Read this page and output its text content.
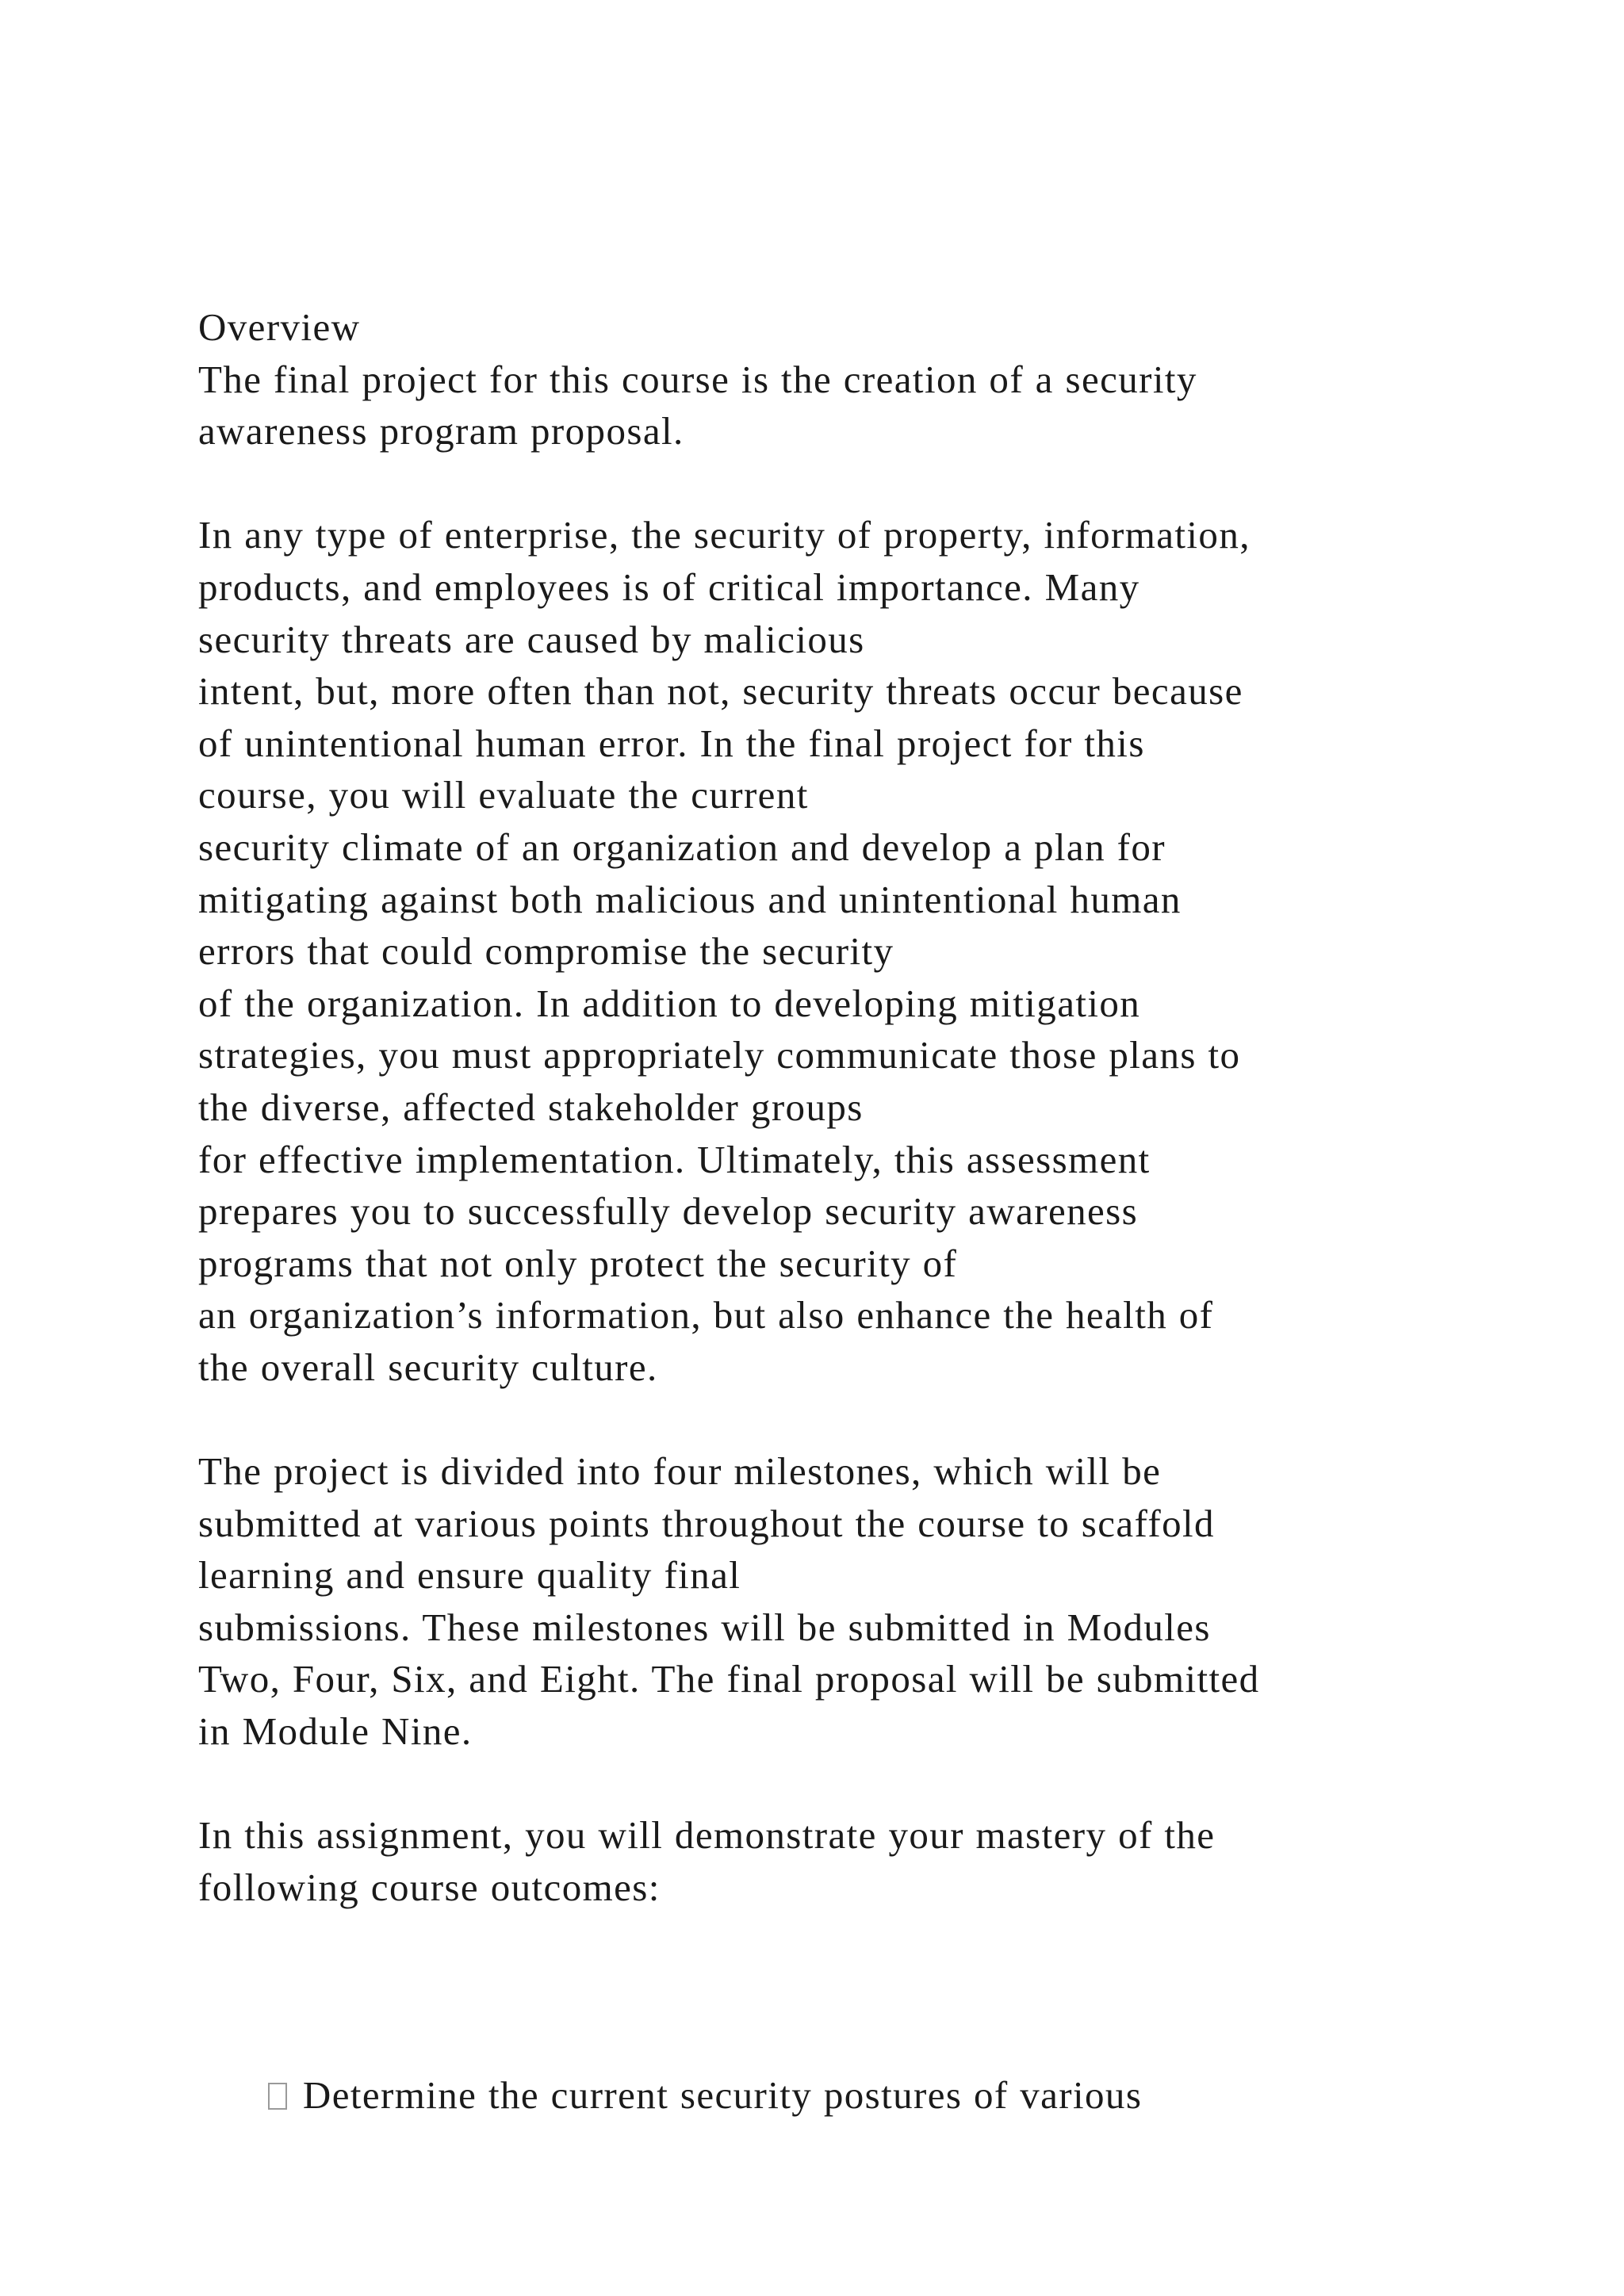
Overview
The final project for this course is the creation of a security
awareness program proposal.
In any type of enterprise, the security of property, information,
products, and employees is of critical importance. Many
security threats are caused by malicious
intent, but, more often than not, security threats occur because
of unintentional human error. In the final project for this
course, you will evaluate the current
security climate of an organization and develop a plan for
mitigating against both malicious and unintentional human
errors that could compromise the security
of the organization. In addition to developing mitigation
strategies, you must appropriately communicate those plans to
the diverse, affected stakeholder groups
for effective implementation. Ultimately, this assessment
prepares you to successfully develop security awareness
programs that not only protect the security of
an organization’s information, but also enhance the health of
the overall security culture.
The project is divided into four milestones, which will be
submitted at various points throughout the course to scaffold
learning and ensure quality final
submissions. These milestones will be submitted in Modules
Two, Four, Six, and Eight. The final proposal will be submitted
in Module Nine.
In this assignment, you will demonstrate your mastery of the
following course outcomes:

Determine the current security postures of various
